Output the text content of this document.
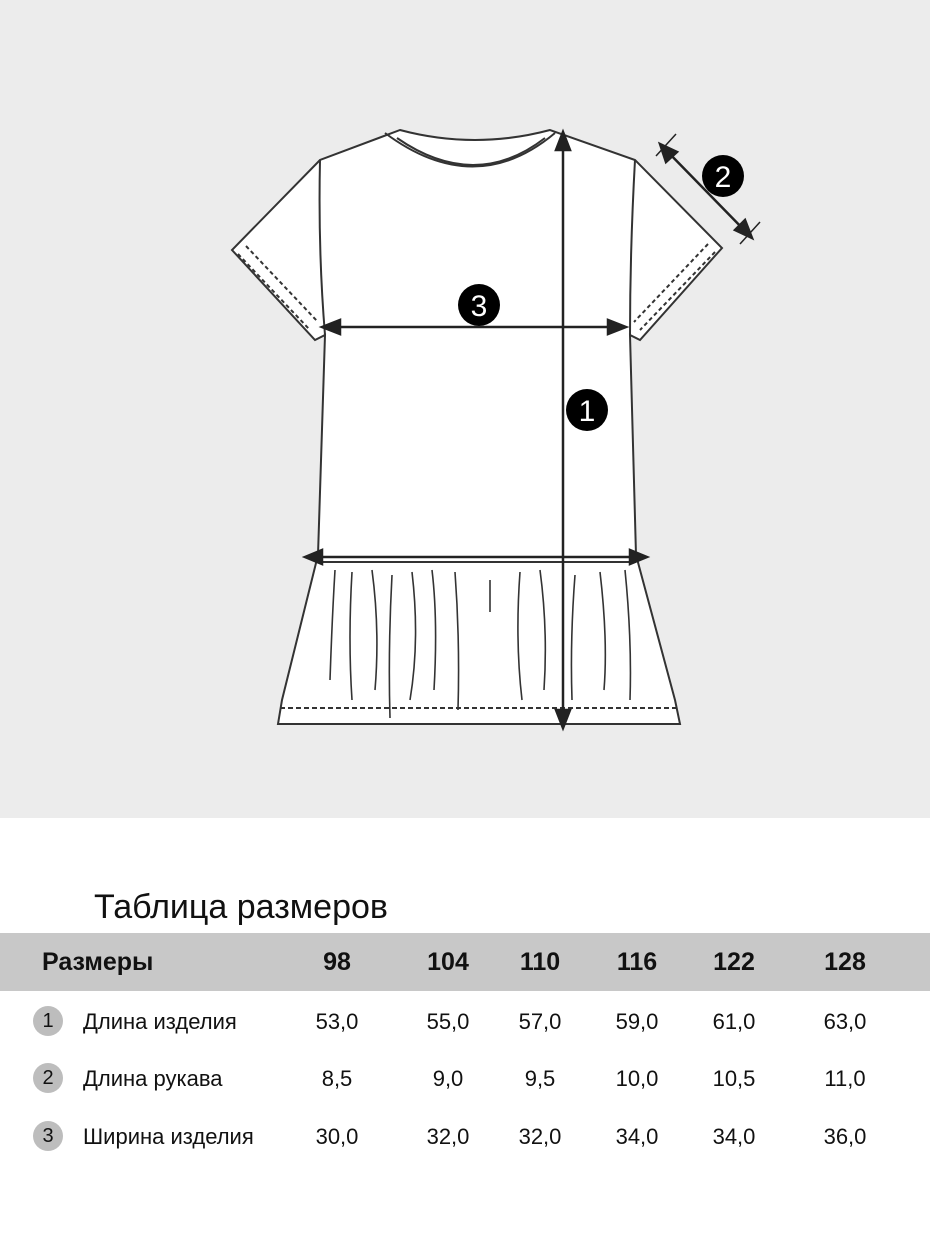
1
2
3
Таблица размеров
Размеры	98	104	110	116	122	128
1	Длина изделия	53,0	55,0	57,0	59,0	61,0	63,0
2	Длина рукава	8,5	9,0	9,5	10,0	10,5	11,0
3	Ширина изделия	30,0	32,0	32,0	34,0	34,0	36,0
